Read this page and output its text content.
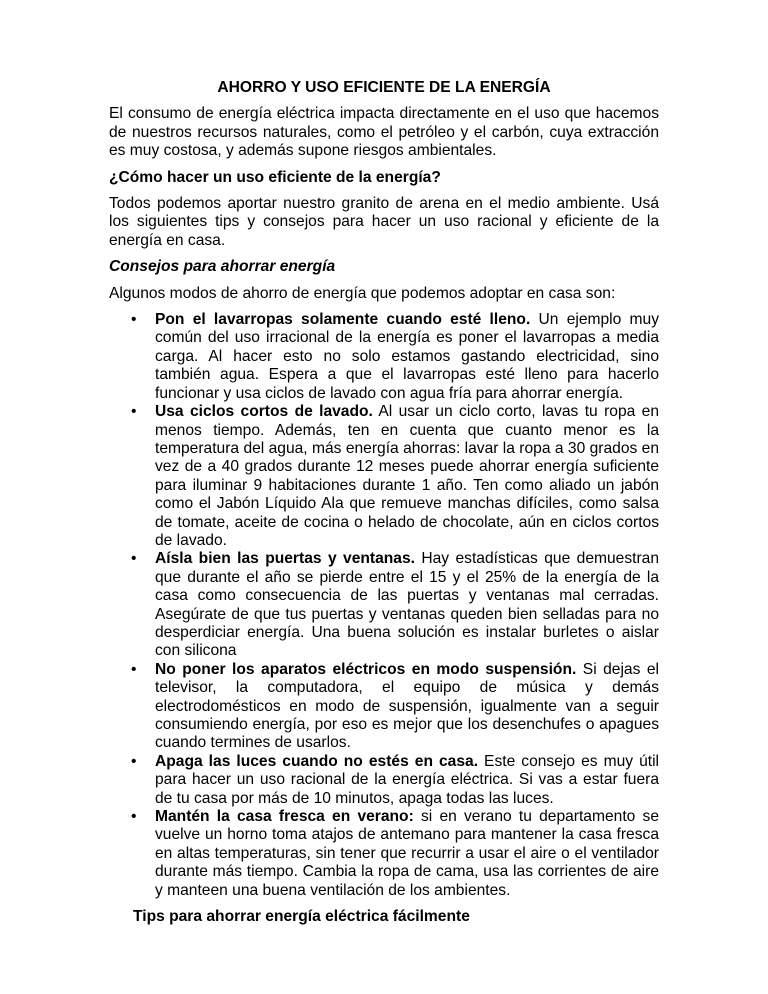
AHORRO Y USO EFICIENTE DE LA ENERGÍA

El consumo de energía eléctrica impacta directamente en el uso que hacemos de nuestros recursos naturales, como el petróleo y el carbón, cuya extracción es muy costosa, y además supone riesgos ambientales.

¿Cómo hacer un uso eficiente de la energía?

Todos podemos aportar nuestro granito de arena en el medio ambiente. Usá los siguientes tips y consejos para hacer un uso racional y eficiente de la energía en casa.

Consejos para ahorrar energía

Algunos modos de ahorro de energía que podemos adoptar en casa son:

• Pon el lavarropas solamente cuando esté lleno. Un ejemplo muy común del uso irracional de la energía es poner el lavarropas a media carga. Al hacer esto no solo estamos gastando electricidad, sino también agua. Espera a que el lavarropas esté lleno para hacerlo funcionar y usa ciclos de lavado con agua fría para ahorrar energía.
• Usa ciclos cortos de lavado. Al usar un ciclo corto, lavas tu ropa en menos tiempo. Además, ten en cuenta que cuanto menor es la temperatura del agua, más energía ahorras: lavar la ropa a 30 grados en vez de a 40 grados durante 12 meses puede ahorrar energía suficiente para iluminar 9 habitaciones durante 1 año. Ten como aliado un jabón como el Jabón Líquido Ala que remueve manchas difíciles, como salsa de tomate, aceite de cocina o helado de chocolate, aún en ciclos cortos de lavado.
• Aísla bien las puertas y ventanas. Hay estadísticas que demuestran que durante el año se pierde entre el 15 y el 25% de la energía de la casa como consecuencia de las puertas y ventanas mal cerradas. Asegúrate de que tus puertas y ventanas queden bien selladas para no desperdiciar energía. Una buena solución es instalar burletes o aislar con silicona
• No poner los aparatos eléctricos en modo suspensión. Si dejas el televisor, la computadora, el equipo de música y demás electrodomésticos en modo de suspensión, igualmente van a seguir consumiendo energía, por eso es mejor que los desenchufes o apagues cuando termines de usarlos.
• Apaga las luces cuando no estés en casa. Este consejo es muy útil para hacer un uso racional de la energía eléctrica. Si vas a estar fuera de tu casa por más de 10 minutos, apaga todas las luces.
• Mantén la casa fresca en verano: si en verano tu departamento se vuelve un horno toma atajos de antemano para mantener la casa fresca en altas temperaturas, sin tener que recurrir a usar el aire o el ventilador durante más tiempo. Cambia la ropa de cama, usa las corrientes de aire y manteen una buena ventilación de los ambientes.

Tips para ahorrar energía eléctrica fácilmente
